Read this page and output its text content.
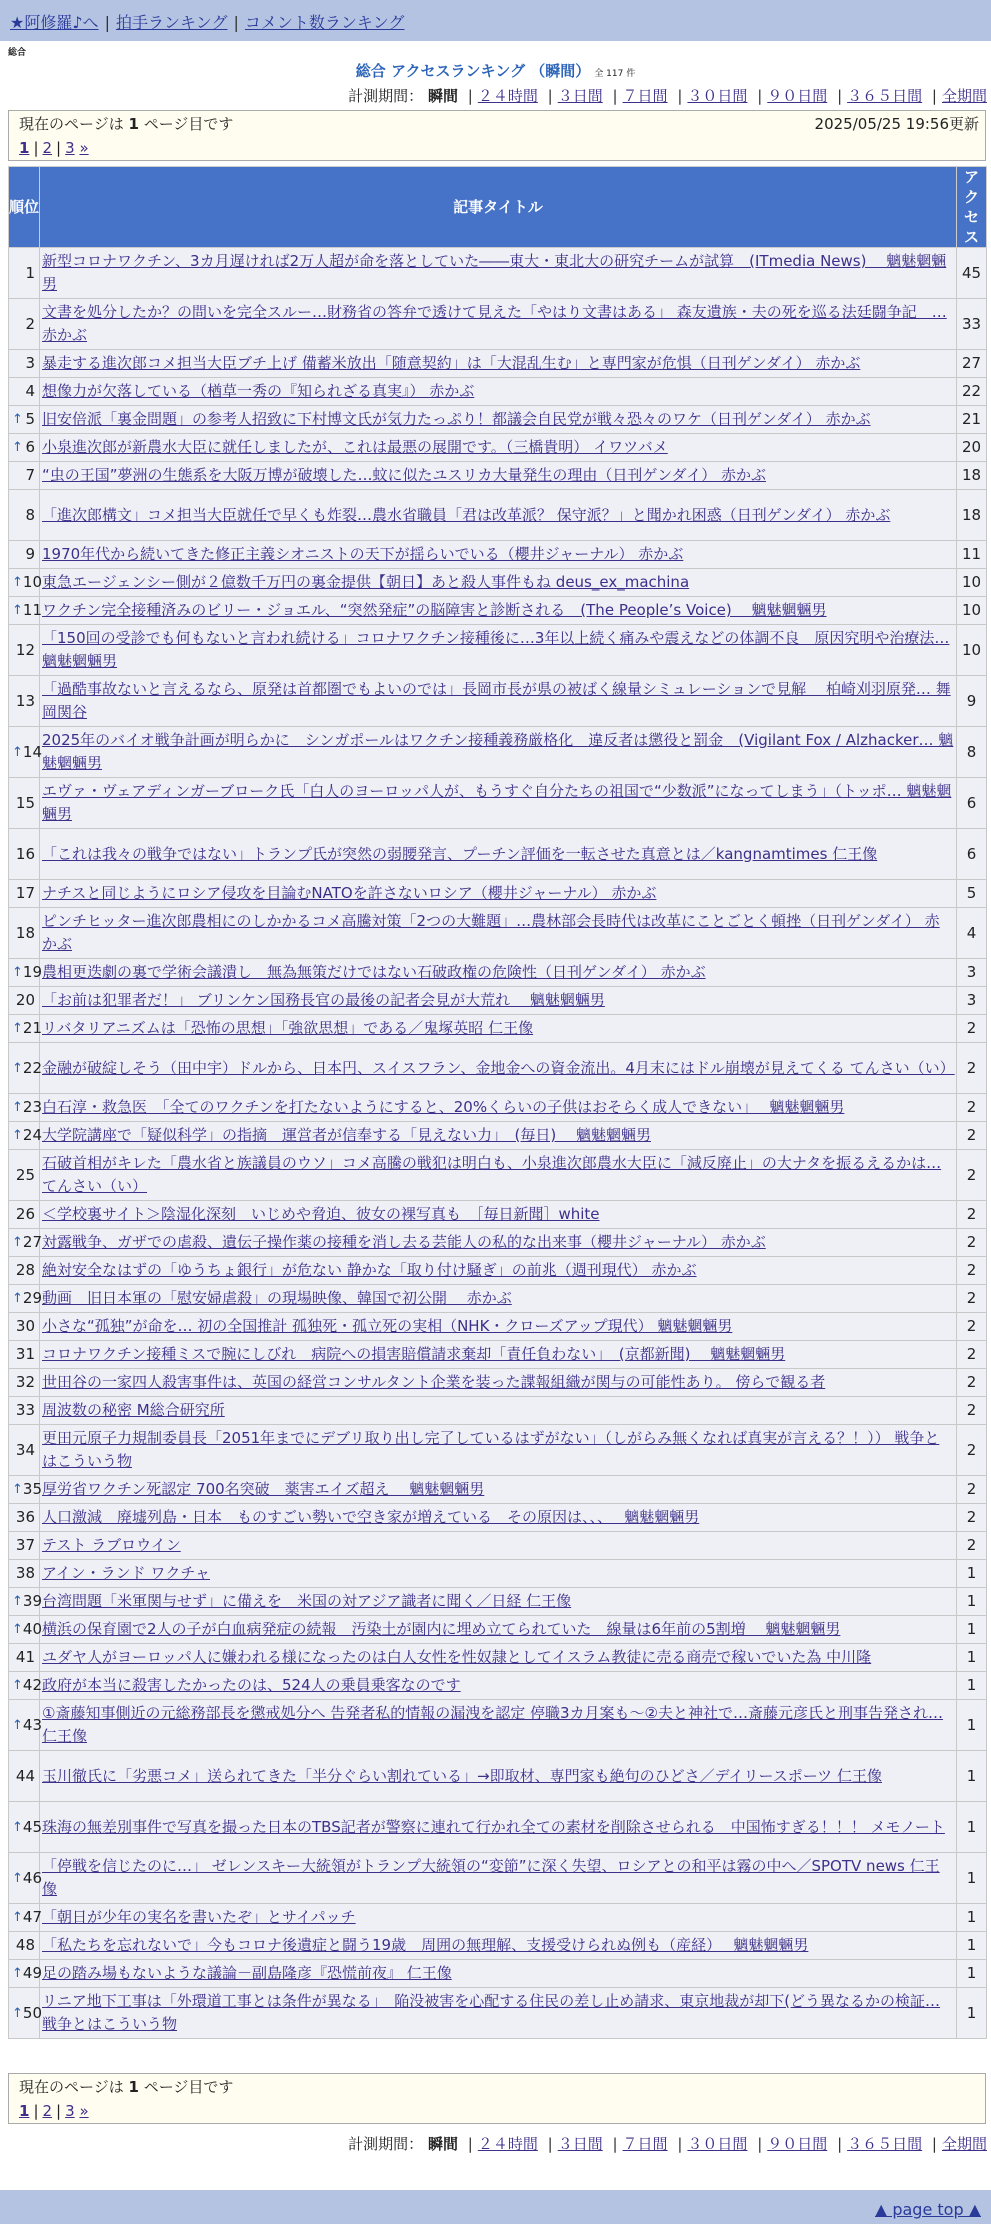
★阿修羅♪へ | 拍手ランキング | コメント数ランキング
総合
総合 アクセスランキング （瞬間） 全 117 件
計測期間： 瞬間 | ２４時間 | ３日間 | ７日間 | ３０日間 | ９０日間 | ３６５日間 | 全期間
現在のページは 1 ページ目です	2025/05/25 19:56更新
1 | 2 | 3 »
順位	記事タイトル	アクセス
1	新型コロナワクチン、3カ月遅ければ2万人超が命を落としていた――東大・東北大の研究チームが試算　(ITmedia News)　 魑魅魍魎男	45
2	文書を処分したか？の問いを完全スルー…財務省の答弁で透けて見えた「やはり文書はある」 森友遺族・夫の死を巡る法廷闘争記　… 赤かぶ	33
3	暴走する進次郎コメ担当大臣ブチ上げ 備蓄米放出「随意契約」は「大混乱生む」と専門家が危惧（日刊ゲンダイ） 赤かぶ	27
4	想像力が欠落している（楢草一秀の『知られざる真実』） 赤かぶ	22

↑ 5	旧安倍派「裏金問題」の参考人招致に下村博文氏が気力たっぷり！都議会自民党が戦々恐々のワケ（日刊ゲンダイ） 赤かぶ	21

↑ 6	小泉進次郎が新農水大臣に就任しましたが、これは最悪の展開です。（三橋貴明） イワツバメ	20
7	“虫の王国”夢洲の生態系を大阪万博が破壊した…蚊に似たユスリカ大量発生の理由（日刊ゲンダイ） 赤かぶ	18
8	「進次郎構文」コメ担当大臣就任で早くも炸裂…農水省職員「君は改革派？ 保守派？」と聞かれ困惑（日刊ゲンダイ） 赤かぶ	18
9	1970年代から続いてきた修正主義シオニストの天下が揺らいでいる（櫻井ジャーナル） 赤かぶ	11

↑ 10	東急エージェンシー側が２億数千万円の裏金提供【朝日】あと殺人事件もね deus_ex_machina	10

↑ 11	ワクチン完全接種済みのビリー・ジョエル、“突然発症”の脳障害と診断される　(The People’s Voice)　 魑魅魍魎男	10
12	「150回の受診でも何もないと言われ続ける」コロナワクチン接種後に…3年以上続く痛みや震えなどの体調不良　原因究明や治療法… 魑魅魍魎男	10
13	「過酷事故ないと言えるなら、原発は首都圏でもよいのでは」長岡市長が県の被ばく線量シミュレーションで見解　 柏崎刈羽原発… 舞岡関谷	9

↑ 14	2025年のバイオ戦争計画が明らかに　シンガポールはワクチン接種義務厳格化　違反者は懲役と罰金　(Vigilant Fox / Alzhacker… 魑魅魍魎男	8
15	エヴァ・ヴェアディンガーブローク氏「白人のヨーロッパ人が、もうすぐ自分たちの祖国で“少数派”になってしまう」（トッポ… 魑魅魍魎男	6
16	「これは我々の戦争ではない」トランプ氏が突然の弱腰発言、プーチン評価を一転させた真意とは／kangnamtimes 仁王像	6
17	ナチスと同じようにロシア侵攻を目論むNATOを許さないロシア（櫻井ジャーナル） 赤かぶ	5
18	ピンチヒッター進次郎農相にのしかかるコメ高騰対策「2つの大難題」…農林部会長時代は改革にことごとく頓挫（日刊ゲンダイ） 赤かぶ	4

↑ 19	農相更迭劇の裏で学術会議潰し　無為無策だけではない石破政権の危険性（日刊ゲンダイ） 赤かぶ	3
20	「お前は犯罪者だ！」 ブリンケン国務長官の最後の記者会見が大荒れ　 魑魅魍魎男	3

↑ 21	リバタリアニズムは「恐怖の思想」「強欲思想」である／鬼塚英昭 仁王像	2

↑ 22	金融が破綻しそう（田中宇）ドルから、日本円、スイスフラン、金地金への資金流出。4月末にはドル崩壊が見えてくる てんさい（い）	2

↑ 23	白石淳・救急医　「全てのワクチンを打たないようにすると、20%くらいの子供はおそらく成人できない」　 魑魅魍魎男	2

↑ 24	大学院講座で「疑似科学」の指摘　運営者が信奉する「見えない力」　(毎日)　 魑魅魍魎男	2
25	石破首相がキレた「農水省と族議員のウソ」コメ高騰の戦犯は明白も、小泉進次郎農水大臣に「減反廃止」の大ナタを振るえるかは… てんさい（い）	2
26	＜学校裏サイト＞陰湿化深刻　いじめや脅迫、彼女の裸写真も　［毎日新聞］white	2

↑ 27	対露戦争、ガザでの虐殺、遺伝子操作薬の接種を消し去る芸能人の私的な出来事（櫻井ジャーナル） 赤かぶ	2
28	絶対安全なはずの「ゆうちょ銀行」が危ない 静かな「取り付け騒ぎ」の前兆（週刊現代） 赤かぶ	2

↑ 29	動画　旧日本軍の「慰安婦虐殺」の現場映像、韓国で初公開　 赤かぶ	2
30	小さな“孤独”が命を… 初の全国推計 孤独死・孤立死の実相（NHK・クローズアップ現代） 魑魅魍魎男	2
31	コロナワクチン接種ミスで腕にしびれ　病院への損害賠償請求棄却「責任負わない」　(京都新聞)　 魑魅魍魎男	2
32	世田谷の一家四人殺害事件は、英国の経営コンサルタント企業を装った諜報組織が関与の可能性あり。 傍らで観る者	2
33	周波数の秘密 M総合研究所	2
34	更田元原子力規制委員長「2051年までにデブリ取り出し完了しているはずがない」（しがらみ無くなれば真実が言える？！）） 戦争とはこういう物	2

↑ 35	厚労省ワクチン死認定 700名突破　薬害エイズ超え　 魑魅魍魎男	2
36	人口激減　廃墟列島・日本　ものすごい勢いで空き家が増えている　その原因は、、、　 魑魅魍魎男	2
37	テスト ラブロウイン	2
38	アイン・ランド ワクチャ	1

↑ 39	台湾問題「米軍関与せず」に備えを　米国の対アジア識者に聞く／日経 仁王像	1

↑ 40	横浜の保育園で2人の子が白血病発症の続報　汚染土が園内に埋め立てられていた　線量は6年前の5割増　 魑魅魍魎男	1
41	ユダヤ人がヨーロッパ人に嫌われる様になったのは白人女性を性奴隷としてイスラム教徒に売る商売で稼いでいた為 中川隆	1

↑ 42	政府が本当に殺害したかったのは、524人の乗員乗客なのです	1

↑ 43	①斎藤知事側近の元総務部長を懲戒処分へ 告発者私的情報の漏洩を認定 停職3カ月案も～②夫と神社で…斎藤元彦氏と刑事告発され… 仁王像	1
44	玉川徹氏に「劣悪コメ」送られてきた「半分ぐらい割れている」→即取材、専門家も絶句のひどさ／デイリースポーツ 仁王像	1

↑ 45	珠海の無差別事件で写真を撮った日本のTBS記者が警察に連れて行かれ全ての素材を削除させられる　中国怖すぎる！！！ メモノート	1

↑ 46	「停戦を信じたのに…」 ゼレンスキー大統領がトランプ大統領の“変節”に深く失望、ロシアとの和平は霧の中へ／SPOTV news 仁王像	1

↑ 47	「朝日が少年の実名を書いたぞ」とサイパッチ	1
48	「私たちを忘れないで」今もコロナ後遺症と闘う19歳　周囲の無理解、支援受けられぬ例も（産経）　 魑魅魍魎男	1

↑ 49	足の踏み場もないような議論－副島隆彦『恐慌前夜』 仁王像	1

↑ 50	リニア地下工事は「外環道工事とは条件が異なる」　陥没被害を心配する住民の差し止め請求、東京地裁が却下(どう異なるかの検証… 戦争とはこういう物	1
現在のページは 1 ページ目です
1 | 2 | 3 »
計測期間： 瞬間 | ２４時間 | ３日間 | ７日間 | ３０日間 | ９０日間 | ３６５日間 | 全期間
▲ page top ▲
